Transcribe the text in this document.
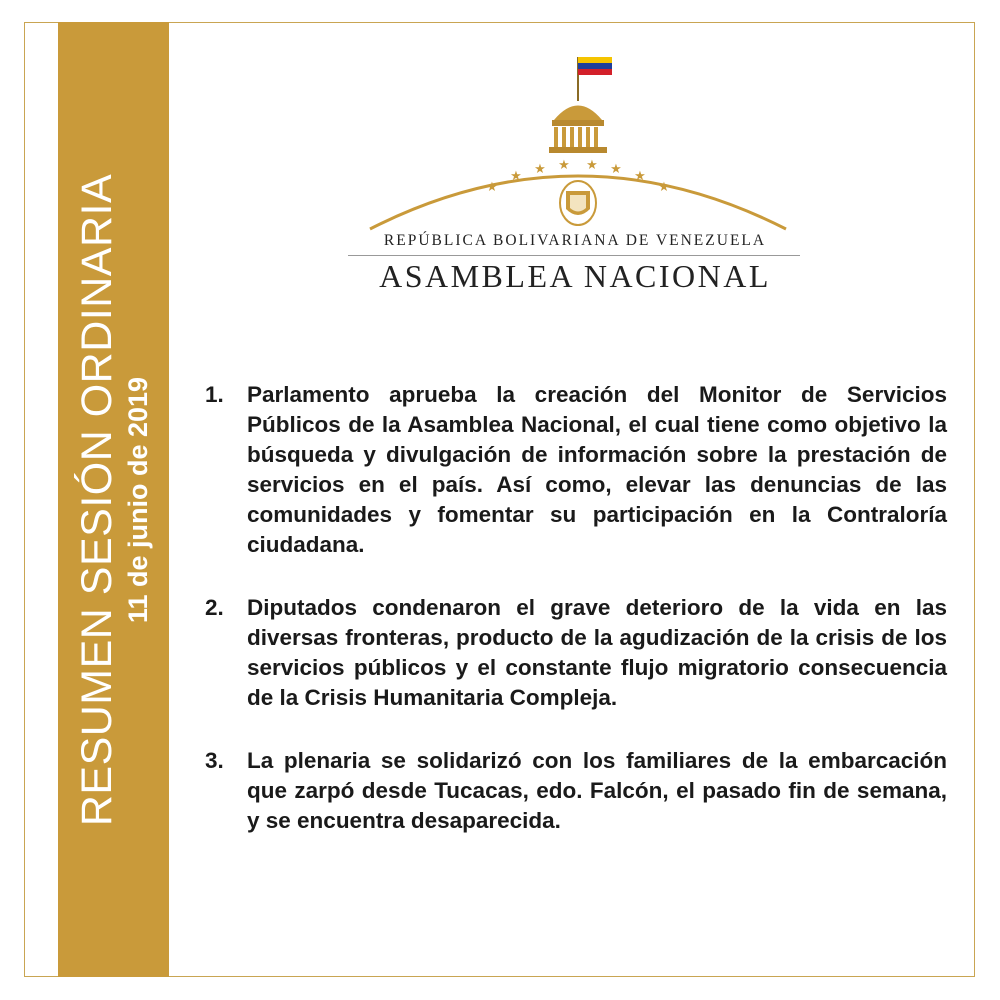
RESUMEN SESIÓN ORDINARIA 11 de junio de 2019
★
★ ★ ★ ★ ★ ★
★
REPÚBLICA BOLIVARIANA DE VENEZUELA
ASAMBLEA NACIONAL
1.	Parlamento aprueba la creación del Monitor de Servicios Públicos de la Asamblea Nacional, el cual tiene como objetivo la búsqueda y divulgación de información sobre la prestación de servicios en el país. Así como, elevar las denuncias de las comunidades y fomentar su participación en la Contraloría ciudadana.
2.	Diputados condenaron el grave deterioro de la vida en las diversas fronteras, producto de la agudización de la crisis de los servicios públicos y el constante flujo migratorio consecuencia de la Crisis Humanitaria Compleja.
3.	La plenaria se solidarizó con los familiares de la embarcación que zarpó desde Tucacas, edo. Falcón, el pasado fin de semana, y se encuentra desaparecida.
